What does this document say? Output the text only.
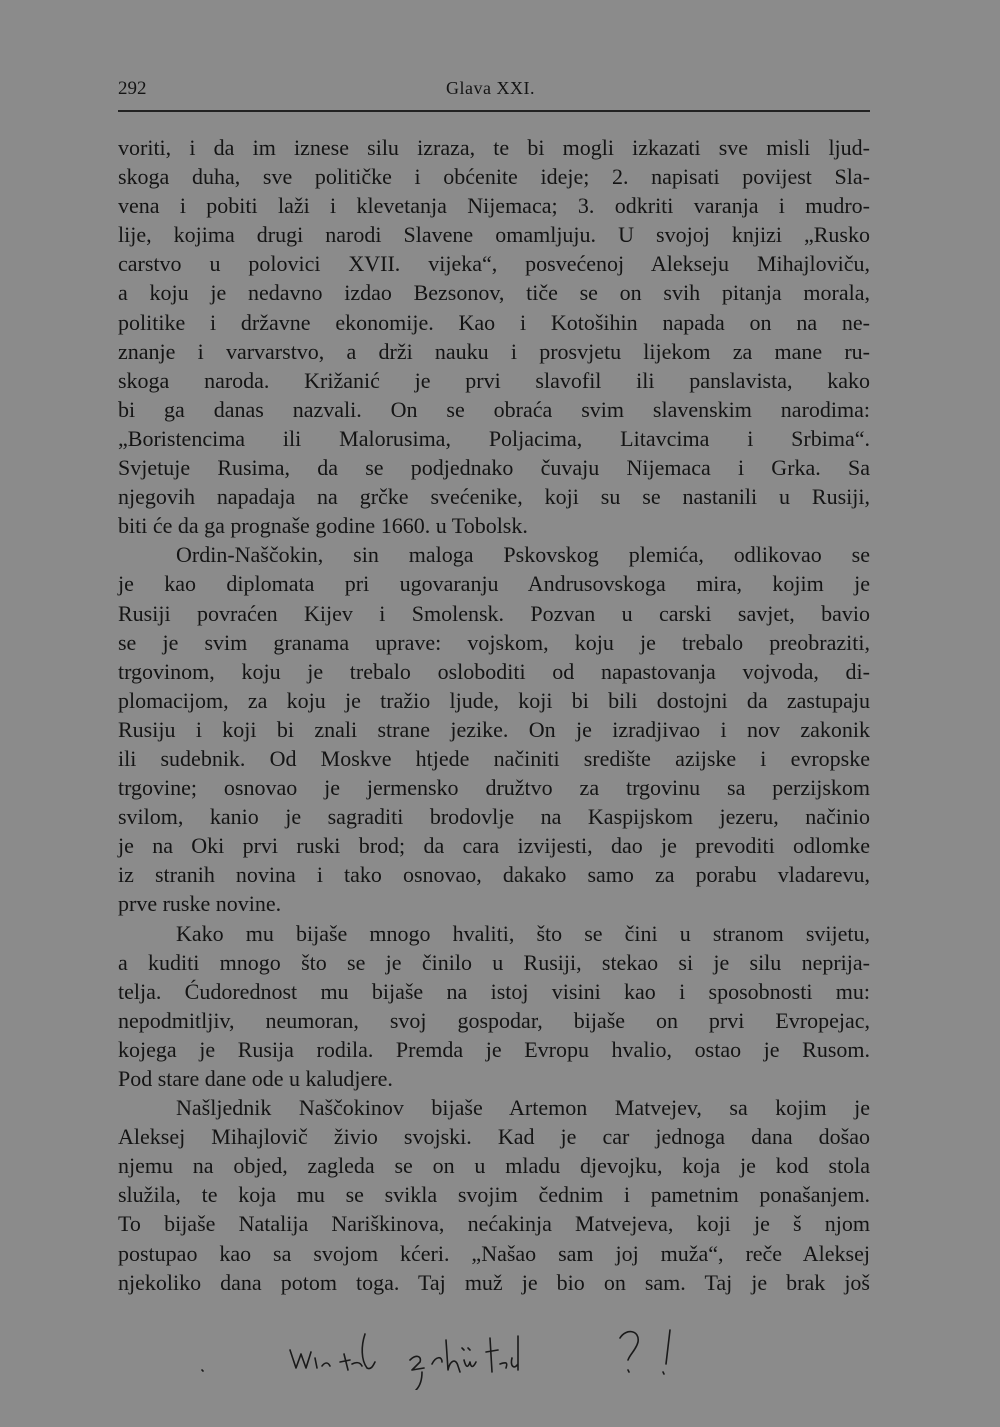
292	Glava XXI.
voriti, i da im iznese silu izraza, te bi mogli izkazati sve misli ljud-
skoga duha, sve političke i obćenite ideje; 2. napisati povijest Sla-
vena i pobiti laži i klevetanja Nijemaca; 3. odkriti varanja i mudro-
lije, kojima drugi narodi Slavene omamljuju. U svojoj knjizi „Rusko
carstvo u polovici XVII. vijeka“, posvećenoj Alekseju Mihajloviču,
a koju je nedavno izdao Bezsonov, tiče se on svih pitanja morala,
politike i državne ekonomije. Kao i Kotošihin napada on na ne-
znanje i varvarstvo, a drži nauku i prosvjetu lijekom za mane ru-
skoga naroda. Križanić je prvi slavofil ili panslavista, kako
bi ga danas nazvali. On se obraća svim slavenskim narodima:
„Boristencima ili Malorusima, Poljacima, Litavcima i Srbima“.
Svjetuje Rusima, da se podjednako čuvaju Nijemaca i Grka. Sa
njegovih napadaja na grčke svećenike, koji su se nastanili u Rusiji,
biti će da ga prognaše godine 1660. u Tobolsk.
Ordin-Naščokin, sin maloga Pskovskog plemića, odlikovao se
je kao diplomata pri ugovaranju Andrusovskoga mira, kojim je
Rusiji povraćen Kijev i Smolensk. Pozvan u carski savjet, bavio
se je svim granama uprave: vojskom, koju je trebalo preobraziti,
trgovinom, koju je trebalo osloboditi od napastovanja vojvoda, di-
plomacijom, za koju je tražio ljude, koji bi bili dostojni da zastupaju
Rusiju i koji bi znali strane jezike. On je izradjivao i nov zakonik
ili sudebnik. Od Moskve htjede načiniti središte azijske i evropske
trgovine; osnovao je jermensko družtvo za trgovinu sa perzijskom
svilom, kanio je sagraditi brodovlje na Kaspijskom jezeru, načinio
je na Oki prvi ruski brod; da cara izvijesti, dao je prevoditi odlomke
iz stranih novina i tako osnovao, dakako samo za porabu vladarevu,
prve ruske novine.
Kako mu bijaše mnogo hvaliti, što se čini u stranom svijetu,
a kuditi mnogo što se je činilo u Rusiji, stekao si je silu neprija-
telja. Ćudorednost mu bijaše na istoj visini kao i sposobnosti mu:
nepodmitljiv, neumoran, svoj gospodar, bijaše on prvi Evropejac,
kojega je Rusija rodila. Premda je Evropu hvalio, ostao je Rusom.
Pod stare dane ode u kaludjere.
Našljednik Naščokinov bijaše Artemon Matvejev, sa kojim je
Aleksej Mihajlovič živio svojski. Kad je car jednoga dana došao
njemu na objed, zagleda se on u mladu djevojku, koja je kod stola
služila, te koja mu se svikla svojim čednim i pametnim ponašanjem.
To bijaše Natalija Nariškinova, nećakinja Matvejeva, koji je š njom
postupao kao sa svojom kćeri. „Našao sam joj muža“, reče Aleksej
njekoliko dana potom toga. Taj muž je bio on sam. Taj je brak još
wie sieht geschrieben ? !
